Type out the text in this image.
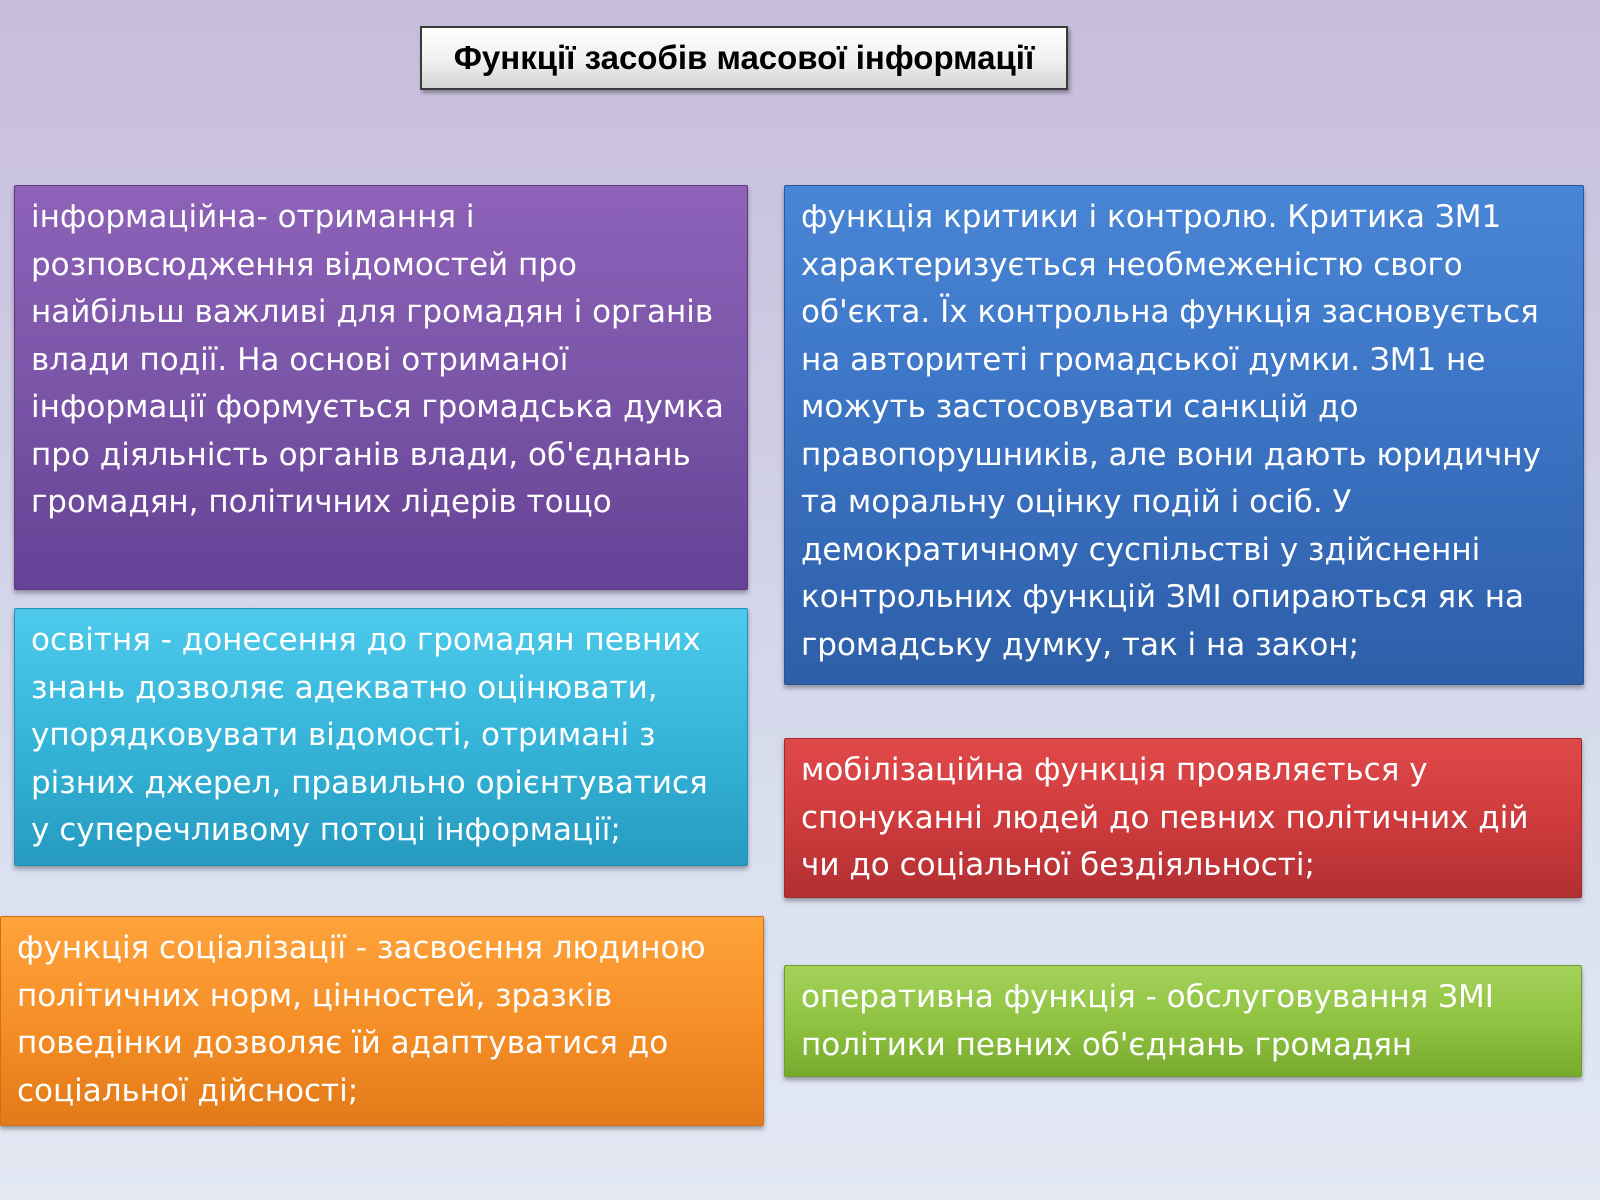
Функції засобів масової інформації
інформаційна- отримання і розповсюдження відомостей про найбільш важливі для громадян і органів влади події. На основі отриманої інформації формується громадська думка про діяльність органів влади, об'єднань громадян, політичних лідерів тощо
функція критики і контролю. Критика ЗМ1 характеризується необмеженістю свого об'єкта. Їх контрольна функція засновується на авторитеті громадської думки. ЗМ1 не можуть застосовувати санкцій до правопорушників, але вони дають юридичну та моральну оцінку подій і осіб. У демократичному суспільстві у здійсненні контрольних функцій ЗМІ опираються як на громадську думку, так і на закон;
освітня - донесення до громадян певних знань дозволяє адекватно оцінювати, упорядковувати відомості, отримані з різних джерел, правильно орієнтуватися у суперечливому потоці інформації;
мобілізаційна функція проявляється у спонуканні людей до певних політичних дій чи до соціальної бездіяльності;
функція соціалізації - засвоєння людиною політичних норм, цінностей, зразків поведінки дозволяє їй адаптуватися до соціальної дійсності;
оперативна функція - обслуговування ЗМІ політики певних об'єднань громадян
